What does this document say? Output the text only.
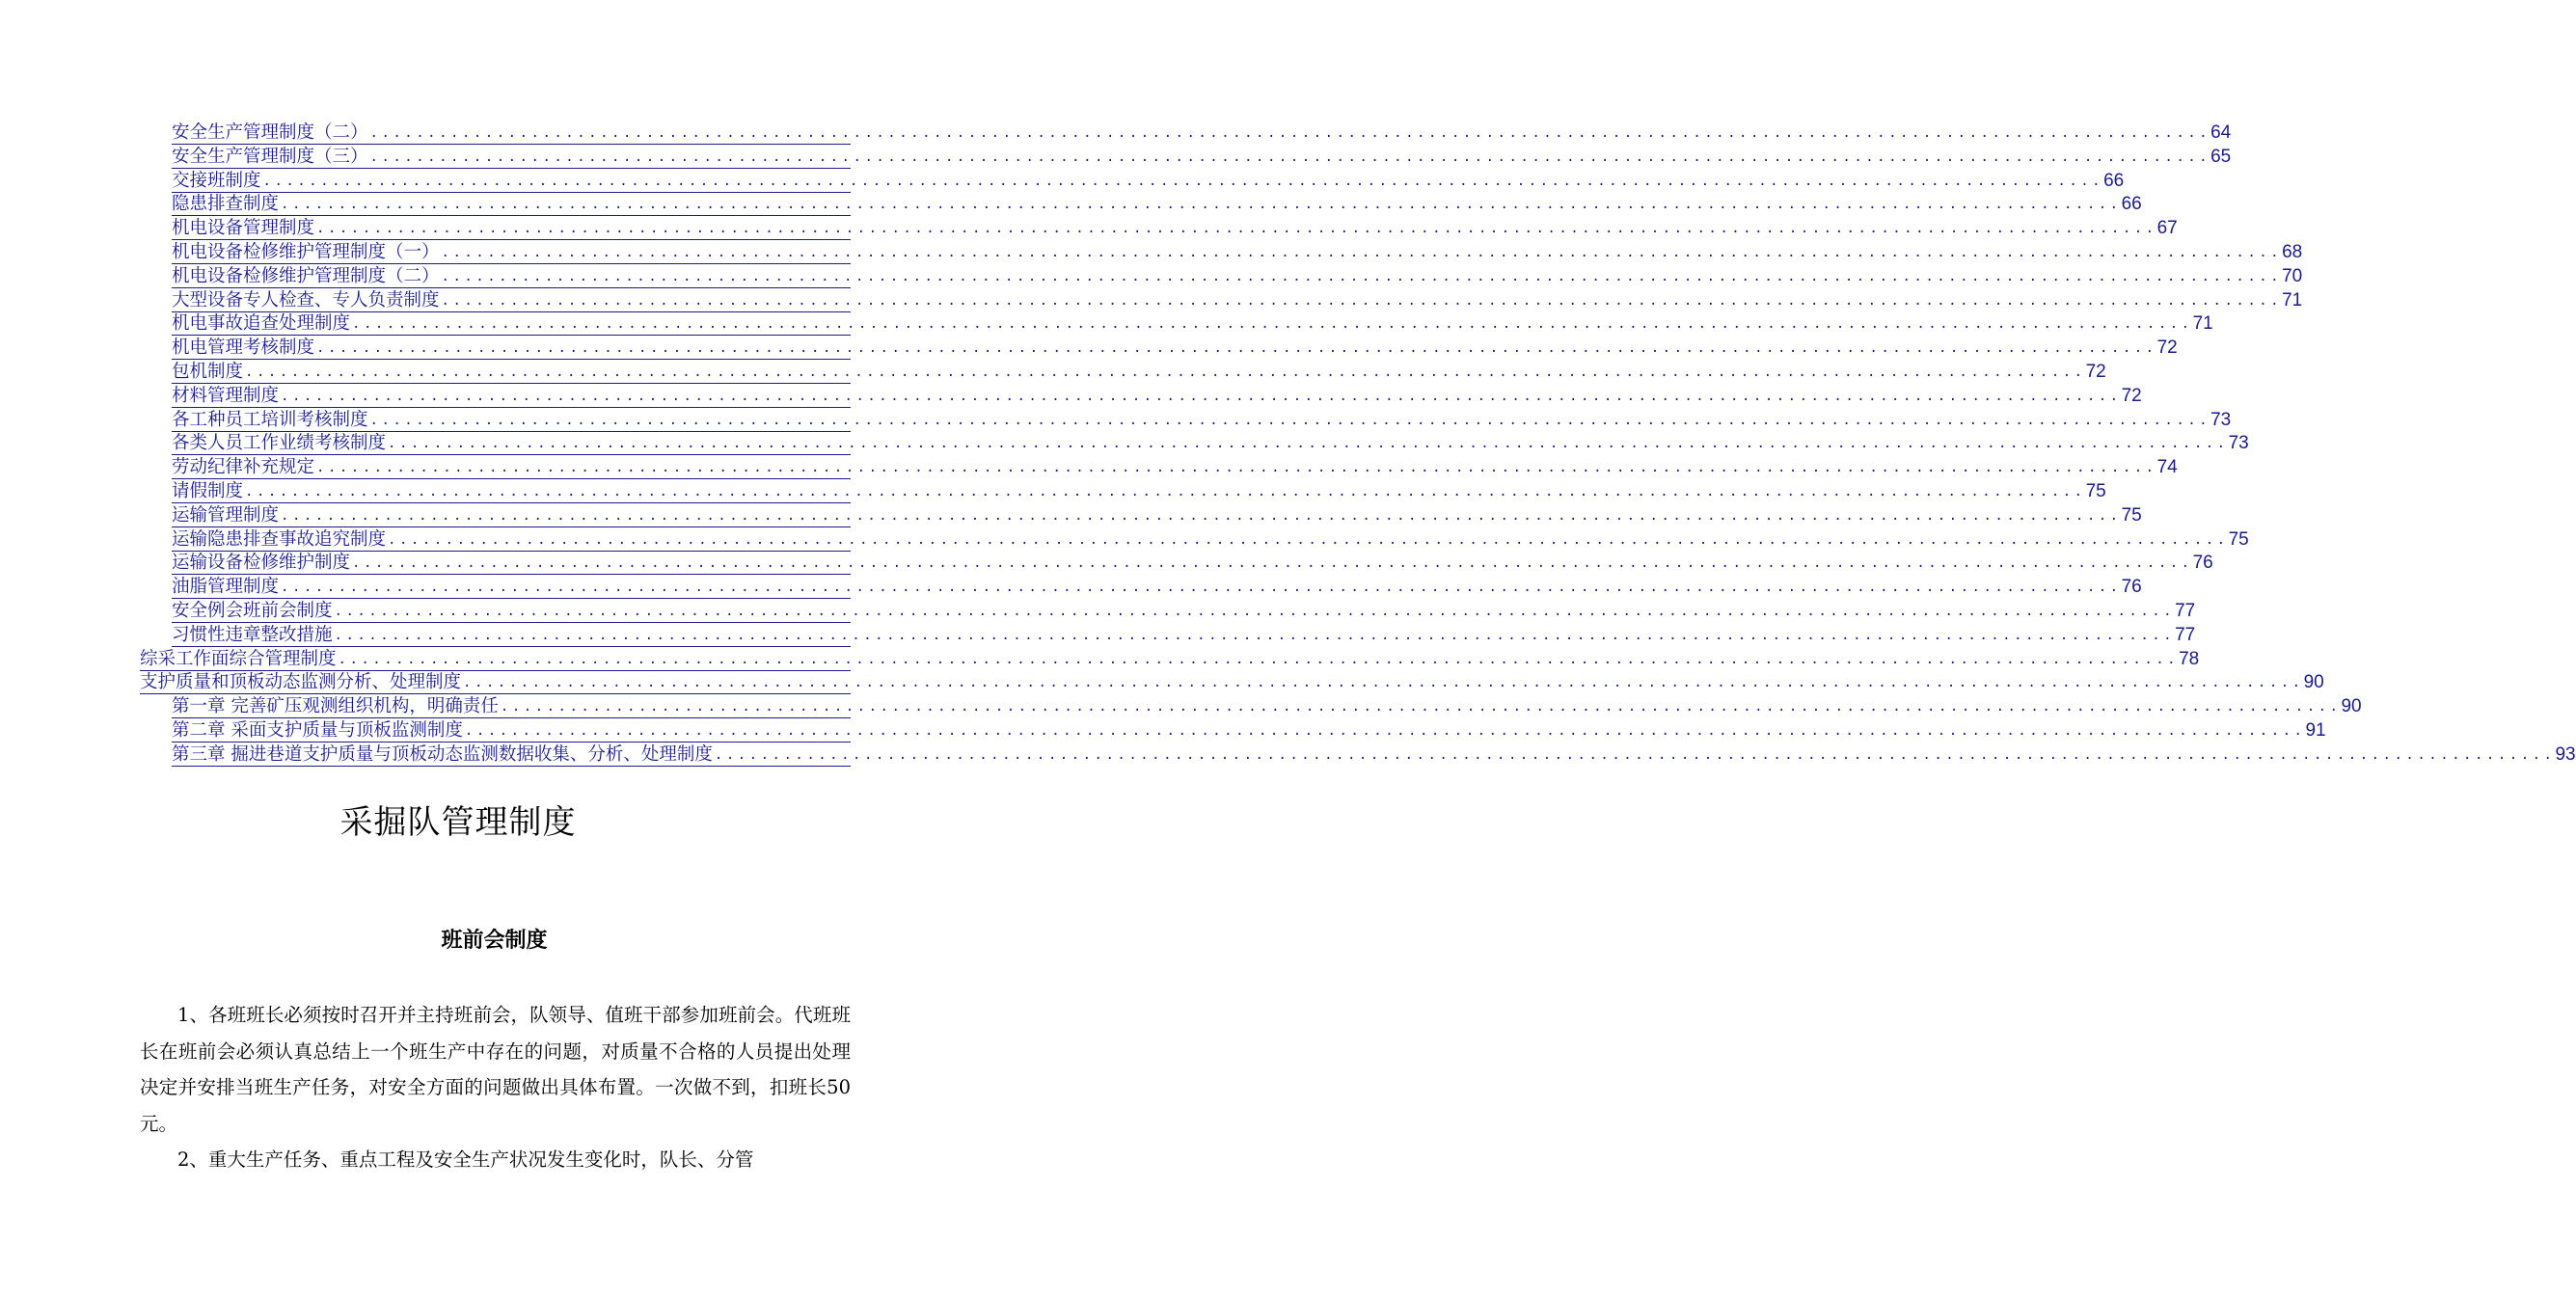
安全生产管理制度（二） ................................................................................................................................................................ 64
安全生产管理制度（三） ................................................................................................................................................................ 65
交接班制度 ................................................................................................................................................................ 66
隐患排查制度 ................................................................................................................................................................ 66
机电设备管理制度 ................................................................................................................................................................ 67
机电设备检修维护管理制度（一） ................................................................................................................................................................ 68
机电设备检修维护管理制度（二） ................................................................................................................................................................ 70
大型设备专人检查、专人负责制度 ................................................................................................................................................................ 71
机电事故追查处理制度 ................................................................................................................................................................ 71
机电管理考核制度 ................................................................................................................................................................ 72
包机制度 ................................................................................................................................................................ 72
材料管理制度 ................................................................................................................................................................ 72
各工种员工培训考核制度 ................................................................................................................................................................ 73
各类人员工作业绩考核制度 ................................................................................................................................................................ 73
劳动纪律补充规定 ................................................................................................................................................................ 74
请假制度 ................................................................................................................................................................ 75
运输管理制度 ................................................................................................................................................................ 75
运输隐患排查事故追究制度 ................................................................................................................................................................ 75
运输设备检修维护制度 ................................................................................................................................................................ 76
油脂管理制度 ................................................................................................................................................................ 76
安全例会班前会制度 ................................................................................................................................................................ 77
习惯性违章整改措施 ................................................................................................................................................................ 77
综采工作面综合管理制度 ................................................................................................................................................................ 78
支护质量和顶板动态监测分析、处理制度 ................................................................................................................................................................ 90
第一章 完善矿压观测组织机构，明确责任 ................................................................................................................................................................ 90
第二章 采面支护质量与顶板监测制度 ................................................................................................................................................................ 91
第三章 掘进巷道支护质量与顶板动态监测数据收集、分析、处理制度 ................................................................................................................................................................ 93
采掘队管理制度
班前会制度

1、各班班长必须按时召开并主持班前会，队领导、值班干部参加班前会。代班班长在班前会必须认真总结上一个班生产中存在的问题，对质量不合格的人员提出处理决定并安排当班生产任务，对安全方面的问题做出具体布置。一次做不到，扣班长50元。

2、重大生产任务、重点工程及安全生产状况发生变化时，队长、分管
